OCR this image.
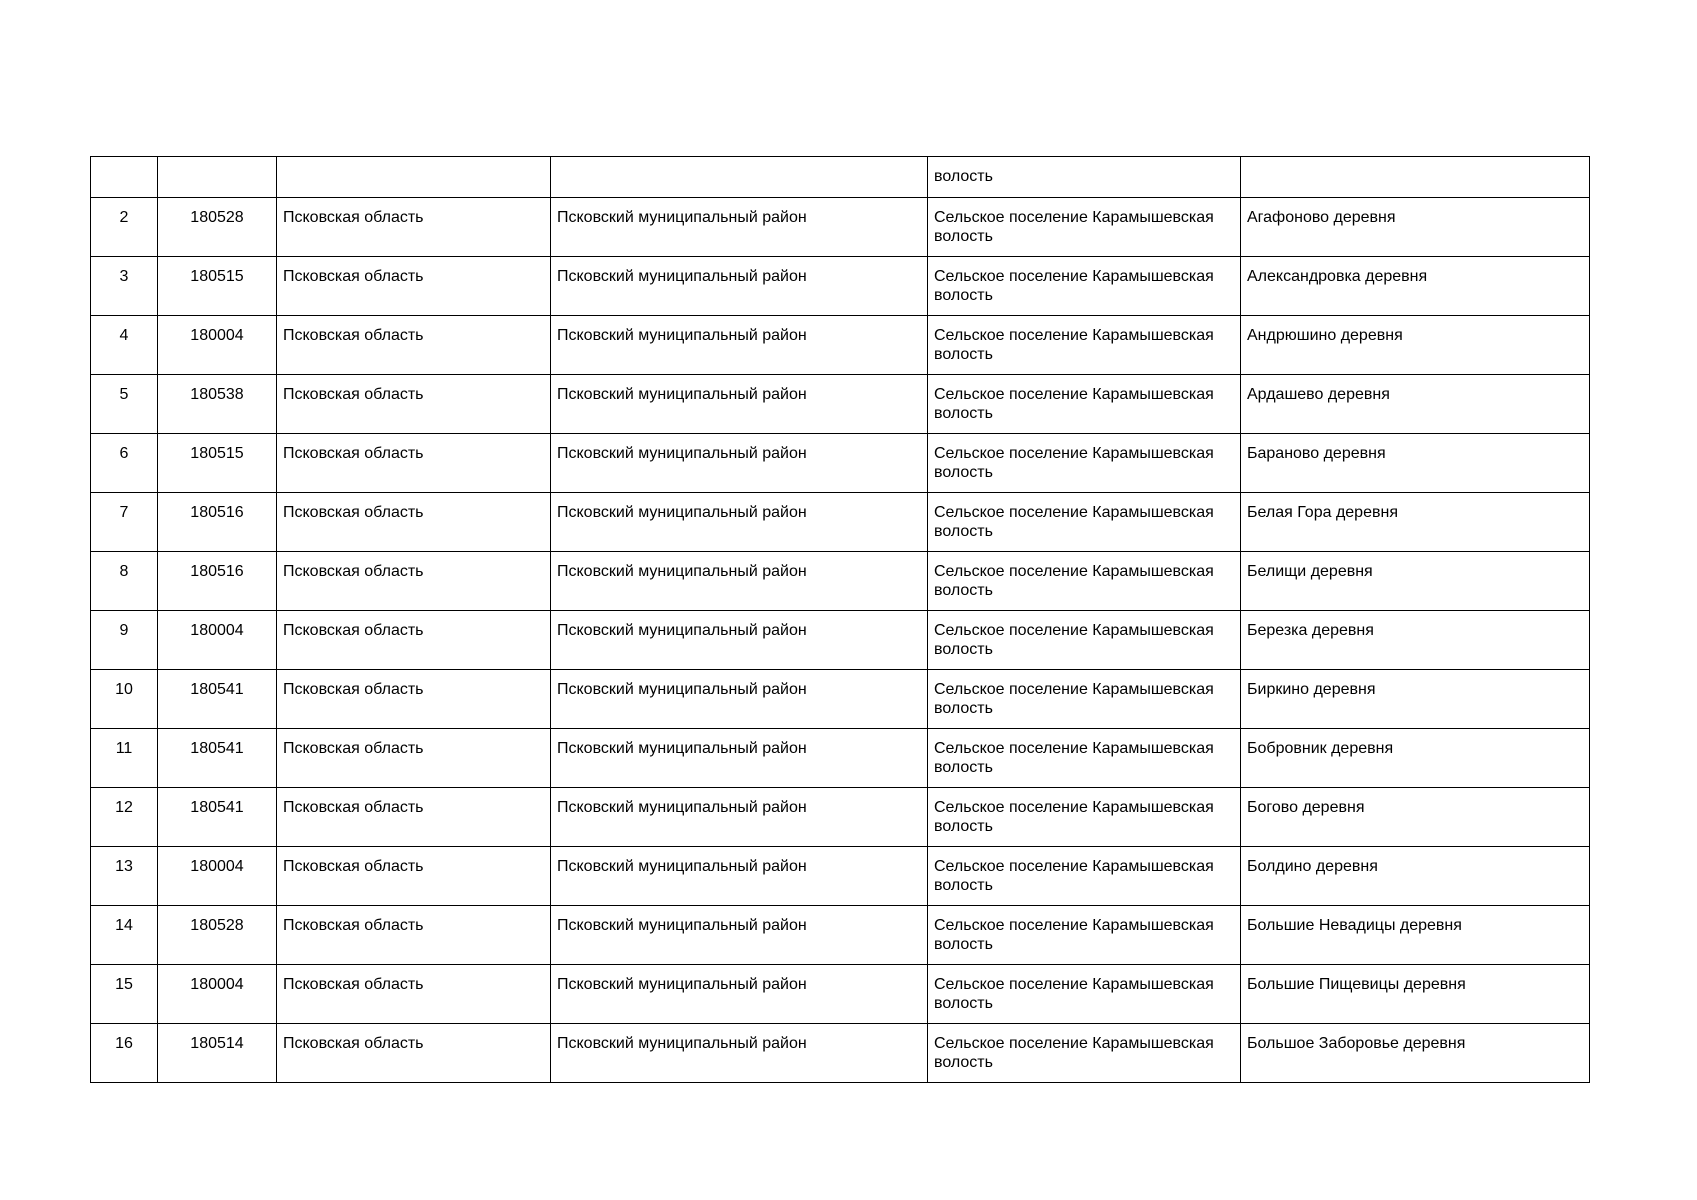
				волость	
2	180528	Псковская область	Псковский муниципальный район	Сельское поселение Карамышевская волость	Агафоново деревня
3	180515	Псковская область	Псковский муниципальный район	Сельское поселение Карамышевская волость	Александровка деревня
4	180004	Псковская область	Псковский муниципальный район	Сельское поселение Карамышевская волость	Андрюшино деревня
5	180538	Псковская область	Псковский муниципальный район	Сельское поселение Карамышевская волость	Ардашево деревня
6	180515	Псковская область	Псковский муниципальный район	Сельское поселение Карамышевская волость	Бараново деревня
7	180516	Псковская область	Псковский муниципальный район	Сельское поселение Карамышевская волость	Белая Гора деревня
8	180516	Псковская область	Псковский муниципальный район	Сельское поселение Карамышевская волость	Белищи деревня
9	180004	Псковская область	Псковский муниципальный район	Сельское поселение Карамышевская волость	Березка деревня
10	180541	Псковская область	Псковский муниципальный район	Сельское поселение Карамышевская волость	Биркино деревня
11	180541	Псковская область	Псковский муниципальный район	Сельское поселение Карамышевская волость	Бобровник деревня
12	180541	Псковская область	Псковский муниципальный район	Сельское поселение Карамышевская волость	Богово деревня
13	180004	Псковская область	Псковский муниципальный район	Сельское поселение Карамышевская волость	Болдино деревня
14	180528	Псковская область	Псковский муниципальный район	Сельское поселение Карамышевская волость	Большие Невадицы деревня
15	180004	Псковская область	Псковский муниципальный район	Сельское поселение Карамышевская волость	Большие Пищевицы деревня
16	180514	Псковская область	Псковский муниципальный район	Сельское поселение Карамышевская волость	Большое Заборовье деревня
